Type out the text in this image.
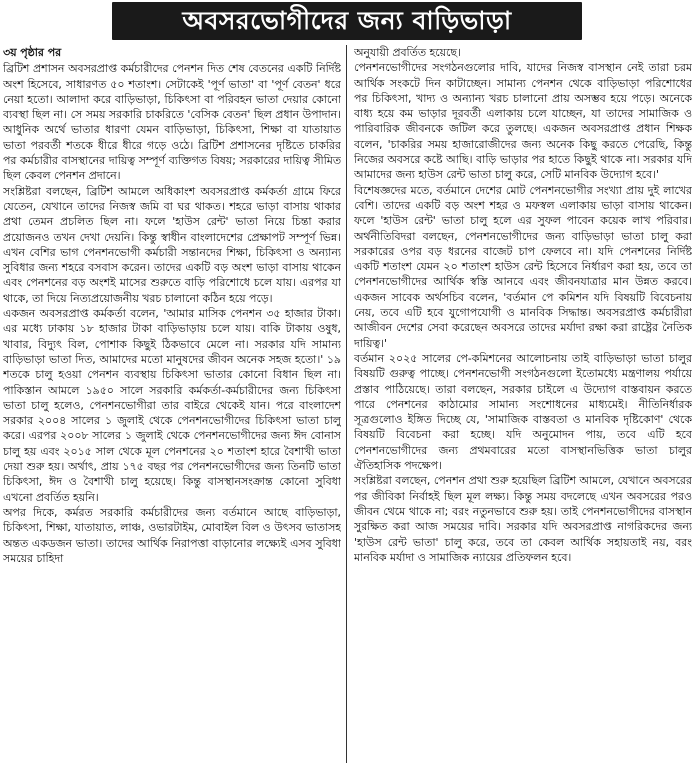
অবসরভোগীদের জন্য বাড়িভাড়া

৩য় পৃষ্ঠার পর

ব্রিটিশ প্রশাসন অবসরপ্রাপ্ত কর্মচারীদের পেনশন দিত শেষ বেতনের একটি নির্দিষ্ট অংশ হিসেবে, সাধারণত ৫০ শতাংশ। সেটাকেই 'পূর্ণ ভাতা' বা 'পূর্ণ বেতন' ধরে নেয়া হতো। আলাদা করে বাড়িভাড়া, চিকিৎসা বা পরিবহন ভাতা দেয়ার কোনো ব্যবস্থা ছিল না। সে সময় সরকারি চাকরিতে 'বেসিক বেতন' ছিল প্রধান উপাদান। আধুনিক অর্থে ভাতার ধারণা যেমন বাড়িভাড়া, চিকিৎসা, শিক্ষা বা যাতায়াত ভাতা পরবর্তী শতকে ধীরে ধীরে গড়ে ওঠে। ব্রিটিশ প্রশাসনের দৃষ্টিতে চাকরির পর কর্মচারীর বাসস্থানের দায়িত্ব সম্পূর্ণ ব্যক্তিগত বিষয়; সরকারের দায়িত্ব সীমিত ছিল কেবল পেনশন প্রদানে।

সংশ্লিষ্টরা বলছেন, ব্রিটিশ আমলে অধিকাংশ অবসরপ্রাপ্ত কর্মকর্তা গ্রামে ফিরে যেতেন, যেখানে তাদের নিজস্ব জমি বা ঘর থাকত। শহরে ভাড়া বাসায় থাকার প্রথা তেমন প্রচলিত ছিল না। ফলে 'হাউস রেন্ট' ভাতা নিয়ে চিন্তা করার প্রয়োজনও তখন দেখা দেয়নি। কিন্তু স্বাধীন বাংলাদেশের প্রেক্ষাপট সম্পূর্ণ ভিন্ন। এখন বেশির ভাগ পেনশনভোগী কর্মচারী সন্তানদের শিক্ষা, চিকিৎসা ও অন্যান্য সুবিধার জন্য শহরে বসবাস করেন। তাদের একটি বড় অংশ ভাড়া বাসায় থাকেন এবং পেনশনের বড় অংশই মাসের শুরুতে বাড়ি পরিশোধে চলে যায়। এরপর যা থাকে, তা দিয়ে নিত্যপ্রয়োজনীয় খরচ চালানো কঠিন হয়ে পড়ে।

একজন অবসরপ্রাপ্ত কর্মকর্তা বলেন, 'আমার মাসিক পেনশন ৩৫ হাজার টাকা। এর মধ্যে ঢাকায় ১৮ হাজার টাকা বাড়িভাড়ায় চলে যায়। বাকি টাকায় ওষুধ, খাবার, বিদ্যুৎ বিল, পোশাক কিছুই ঠিকভাবে মেলে না। সরকার যদি সামান্য বাড়িভাড়া ভাতা দিত, আমাদের মতো মানুষদের জীবন অনেক সহজ হতো।' ১৯ শতকে চালু হওয়া পেনশন ব্যবস্থায় চিকিৎসা ভাতার কোনো বিধান ছিল না। পাকিস্তান আমলে ১৯৫০ সালে সরকারি কর্মকর্তা-কর্মচারীদের জন্য চিকিৎসা ভাতা চালু হলেও, পেনশনভোগীরা তার বাইরে থেকেই যান। পরে বাংলাদেশ সরকার ২০০৪ সালের ১ জুলাই থেকে পেনশনভোগীদের চিকিৎসা ভাতা চালু করে। এরপর ২০০৮ সালের ১ জুলাই থেকে পেনশনভোগীদের জন্য ঈদ বোনাস চালু হয় এবং ২০১৫ সাল থেকে মূল পেনশনের ২০ শতাংশ হারে বৈশাখী ভাতা দেয়া শুরু হয়। অর্থাৎ, প্রায় ১৭৫ বছর পর পেনশনভোগীদের জন্য তিনটি ভাতা চিকিৎসা, ঈদ ও বৈশাখী চালু হয়েছে। কিন্তু বাসস্থানসংক্রান্ত কোনো সুবিধা এখনো প্রবর্তিত হয়নি।

অপর দিকে, কর্মরত সরকারি কর্মচারীদের জন্য বর্তমানে আছে বাড়িভাড়া, চিকিৎসা, শিক্ষা, যাতায়াত, লাঞ্চ, ওভারটাইম, মোবাইল বিল ও উৎসব ভাতাসহ অন্তত একডজন ভাতা। তাদের আর্থিক নিরাপত্তা বাড়ানোর লক্ষ্যেই এসব সুবিধা সময়ের চাহিদা

অনুযায়ী প্রবর্তিত হয়েছে।

পেনশনভোগীদের সংগঠনগুলোর দাবি, যাদের নিজস্ব বাসস্থান নেই তারা চরম আর্থিক সংকটে দিন কাটাচ্ছেন। সামান্য পেনশন থেকে বাড়িভাড়া পরিশোধের পর চিকিৎসা, খাদ্য ও অন্যান্য খরচ চালানো প্রায় অসম্ভব হয়ে পড়ে। অনেকে বাধ্য হয়ে কম ভাড়ার দূরবর্তী এলাকায় চলে যাচ্ছেন, যা তাদের সামাজিক ও পারিবারিক জীবনকে জটিল করে তুলছে। একজন অবসরপ্রাপ্ত প্রধান শিক্ষক বলেন, 'চাকরির সময় হাজারোজীদের জন্য অনেক কিছু করতে পেরেছি, কিন্তু নিজের অবসরে কষ্টে আছি। বাড়ি ভাড়ার পর হাতে কিছুই থাকে না। সরকার যদি আমাদের জন্য হাউস রেন্ট ভাতা চালু করে, সেটি মানবিক উদ্যোগ হবে।'

বিশেষজ্ঞদের মতে, বর্তমানে দেশের মোট পেনশনভোগীর সংখ্যা প্রায় দুই লাখের বেশি। তাদের একটি বড় অংশ শহর ও মফস্বল এলাকায় ভাড়া বাসায় থাকেন। ফলে 'হাউস রেন্ট' ভাতা চালু হলে এর সুফল পাবেন কয়েক লাখ পরিবার। অর্থনীতিবিদরা বলছেন, পেনশনভোগীদের জন্য বাড়িভাড়া ভাতা চালু করা সরকারের ওপর বড় ধরনের বাজেট চাপ ফেলবে না। যদি পেনশনের নির্দিষ্ট একটি শতাংশ যেমন ২০ শতাংশ হাউস রেন্ট হিসেবে নির্ধারণ করা হয়, তবে তা পেনশনভোগীদের আর্থিক স্বস্তি আনবে এবং জীবনযাত্রার মান উন্নত করবে। একজন সাবেক অর্থসচিব বলেন, 'বর্তমান পে কমিশন যদি বিষয়টি বিবেচনায় নেয়, তবে এটি হবে যুগোপযোগী ও মানবিক সিদ্ধান্ত। অবসরপ্রাপ্ত কর্মচারীরা আজীবন দেশের সেবা করেছেন অবসরে তাদের মর্যাদা রক্ষা করা রাষ্ট্রের নৈতিক দায়িত্ব।'

বর্তমান ২০২৫ সালের পে-কমিশনের আলোচনায় তাই বাড়িভাড়া ভাতা চালুর বিষয়টি গুরুত্ব পাচ্ছে। পেনশনভোগী সংগঠনগুলো ইতোমধ্যে মন্ত্রণালয় পর্যায়ে প্রস্তাব পাঠিয়েছে। তারা বলছেন, সরকার চাইলে এ উদ্যোগ বাস্তবায়ন করতে পারে পেনশনের কাঠামোর সামান্য সংশোধনের মাধ্যমেই। নীতিনির্ধারক সূত্রগুলোও ইঙ্গিত দিচ্ছে যে, 'সামাজিক বাস্তবতা ও মানবিক দৃষ্টিকোণ' থেকে বিষয়টি বিবেচনা করা হচ্ছে। যদি অনুমোদন পায়, তবে এটি হবে পেনশনভোগীদের জন্য প্রথমবারের মতো বাসস্থানভিত্তিক ভাতা চালুর ঐতিহাসিক পদক্ষেপ।

সংশ্লিষ্টরা বলছেন, পেনশন প্রথা শুরু হয়েছিল ব্রিটিশ আমলে, যেখানে অবসরের পর জীবিকা নির্বাহই ছিল মূল লক্ষ্য। কিন্তু সময় বদলেছে এখন অবসরের পরও জীবন থেমে থাকে না; বরং নতুনভাবে শুরু হয়। তাই পেনশনভোগীদের বাসস্থান সুরক্ষিত করা আজ সময়ের দাবি। সরকার যদি অবসরপ্রাপ্ত নাগরিকদের জন্য 'হাউস রেন্ট ভাতা' চালু করে, তবে তা কেবল আর্থিক সহায়তাই নয়, বরং মানবিক মর্যাদা ও সামাজিক ন্যায়ের প্রতিফলন হবে।
